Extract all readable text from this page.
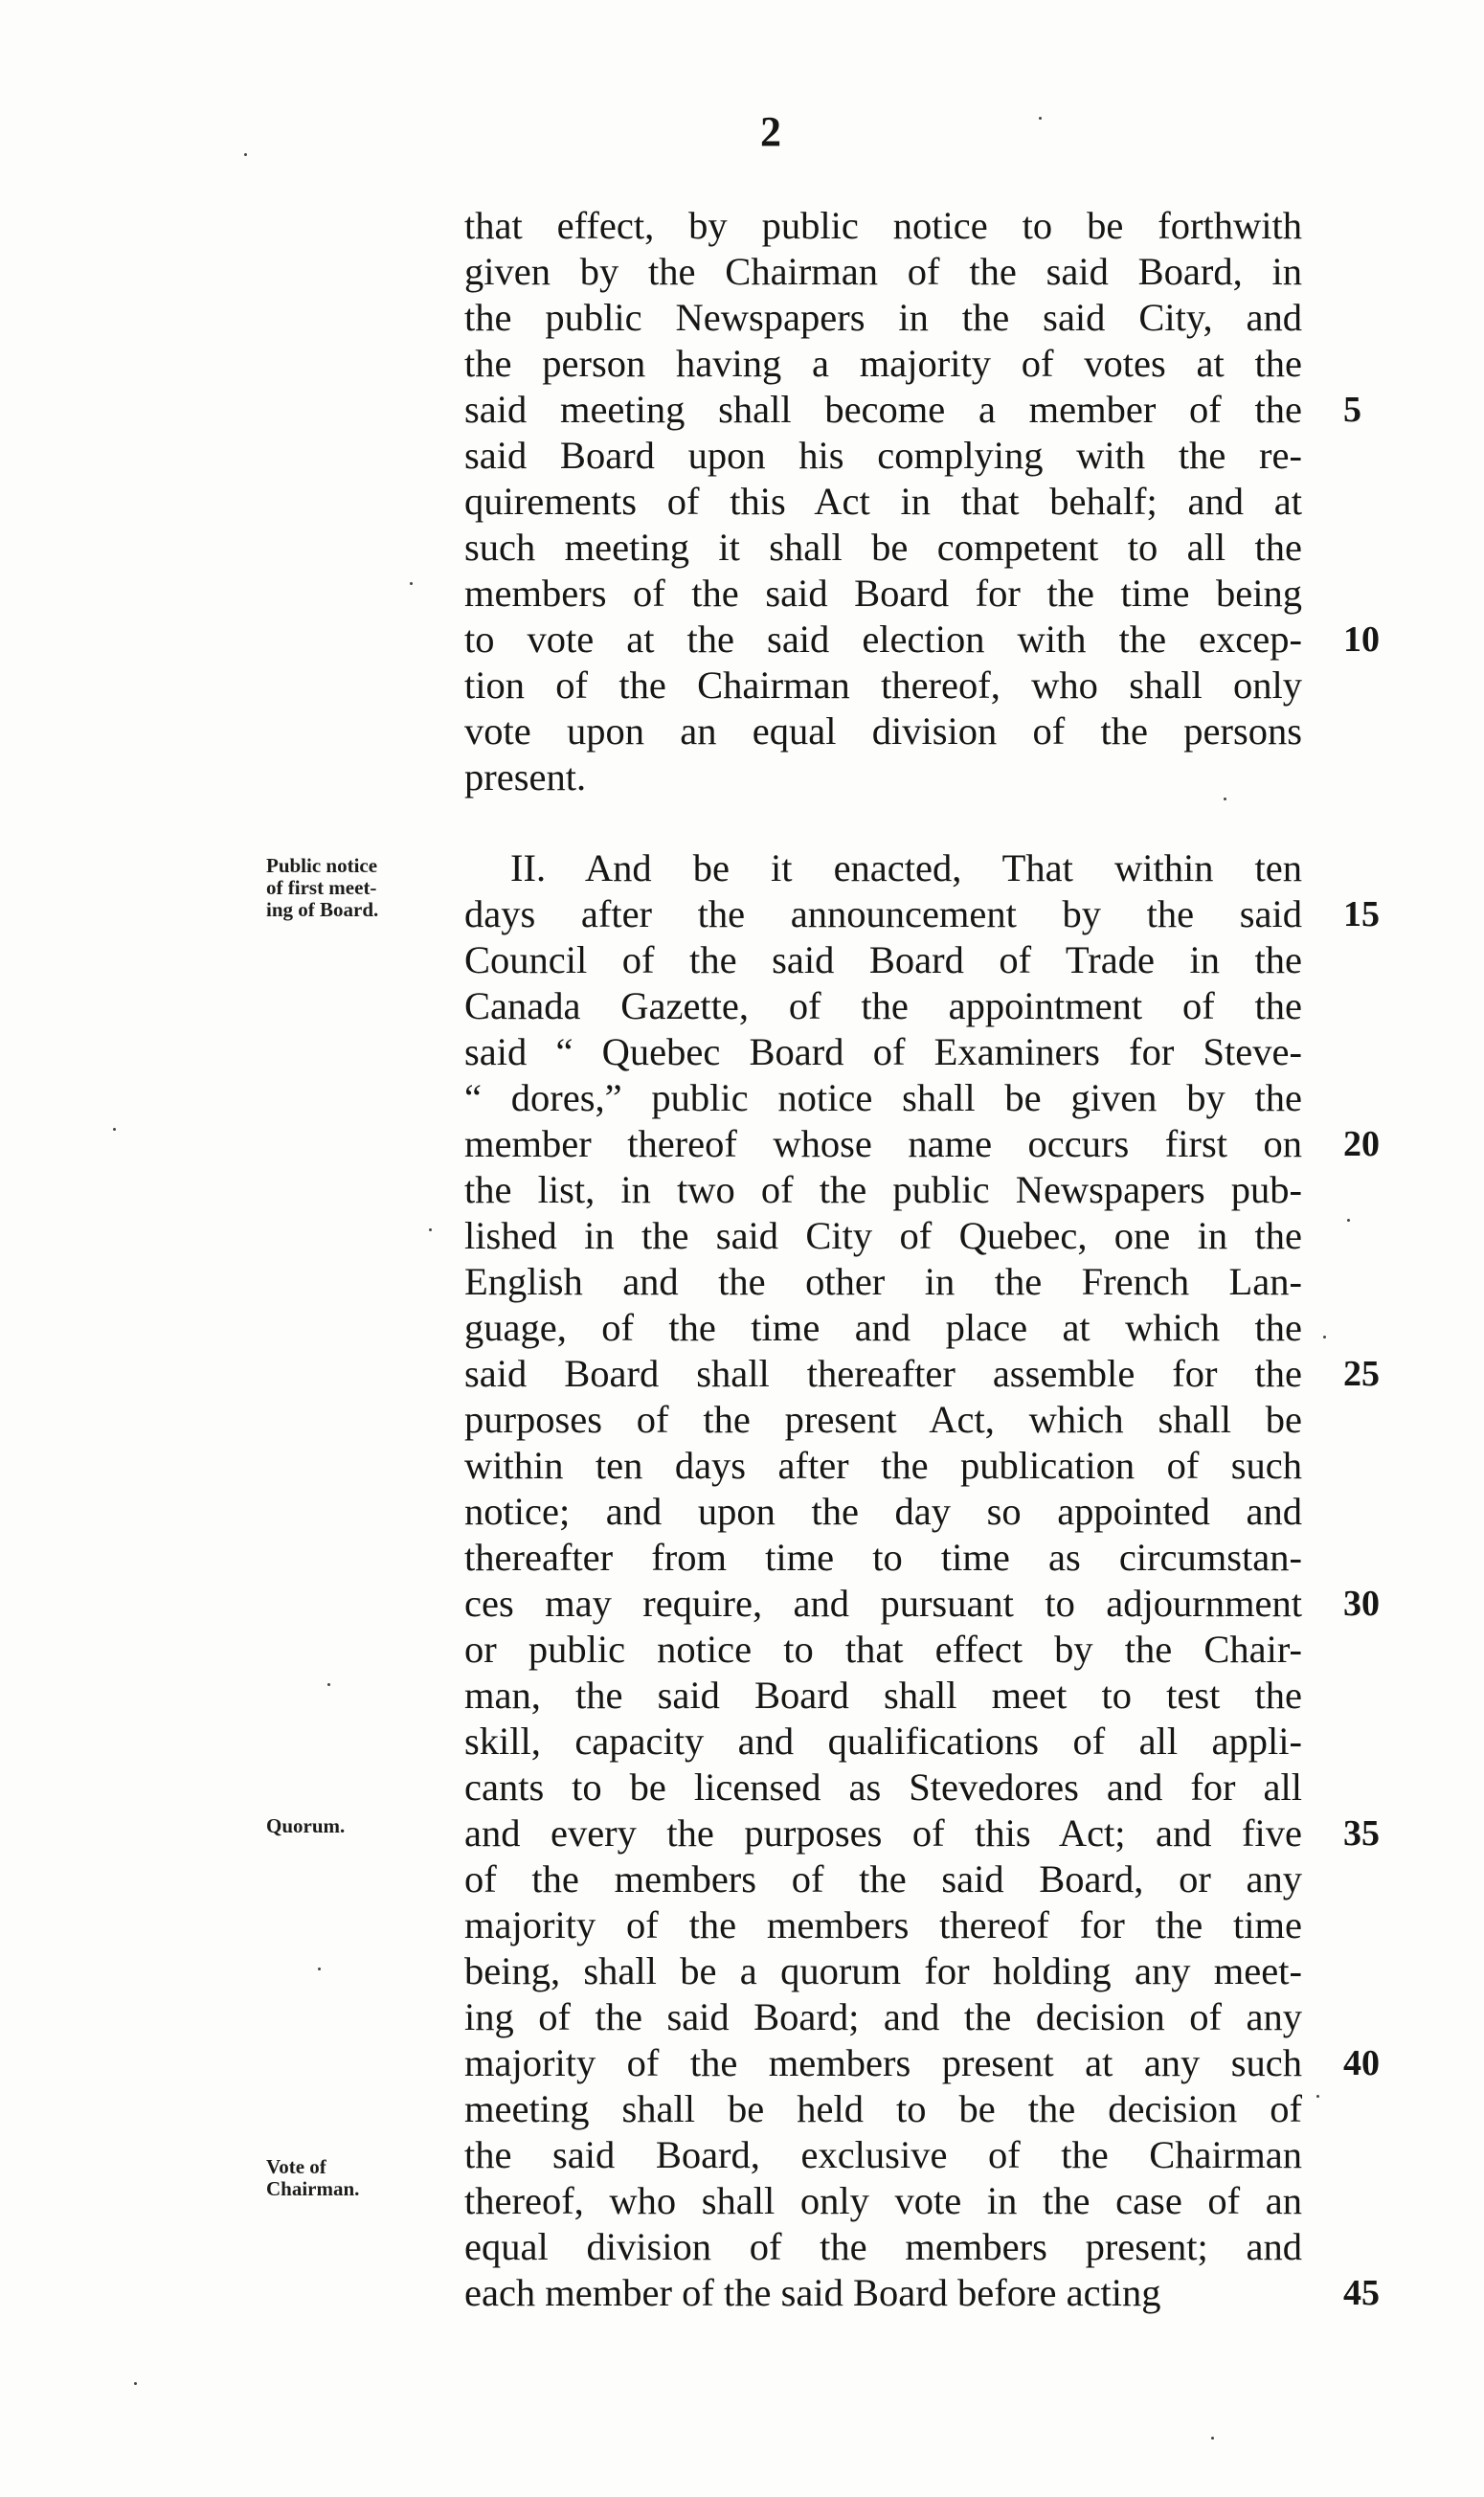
2
that effect, by public notice to be forthwith
given by the Chairman of the said Board, in
the public Newspapers in the said City, and
the person having a majority of votes at the
said meeting shall become a member of the 5
said Board upon his complying with the re-
quirements of this Act in that behalf; and at
such meeting it shall be competent to all the
members of the said Board for the time being
to vote at the said election with the excep- 10
tion of the Chairman thereof, who shall only
vote upon an equal division of the persons
present.
II. And be it enacted, That within ten
days after the announcement by the said 15
Council of the said Board of Trade in the
Canada Gazette, of the appointment of the
said “ Quebec Board of Examiners for Steve-
“ dores,” public notice shall be given by the
member thereof whose name occurs first on 20
the list, in two of the public Newspapers pub-
lished in the said City of Quebec, one in the
English and the other in the French Lan-
guage, of the time and place at which the
said Board shall thereafter assemble for the 25
purposes of the present Act, which shall be
within ten days after the publication of such
notice; and upon the day so appointed and
thereafter from time to time as circumstan-
ces may require, and pursuant to adjournment 30
or public notice to that effect by the Chair-
man, the said Board shall meet to test the
skill, capacity and qualifications of all appli-
cants to be licensed as Stevedores and for all
and every the purposes of this Act; and five 35
of the members of the said Board, or any
majority of the members thereof for the time
being, shall be a quorum for holding any meet-
ing of the said Board; and the decision of any
majority of the members present at any such 40
meeting shall be held to be the decision of
the said Board, exclusive of the Chairman
thereof, who shall only vote in the case of an
equal division of the members present; and
each member of the said Board before acting	45
Public notice
of first meet-
ing of Board.
Quorum.
Vote of
Chairman.
